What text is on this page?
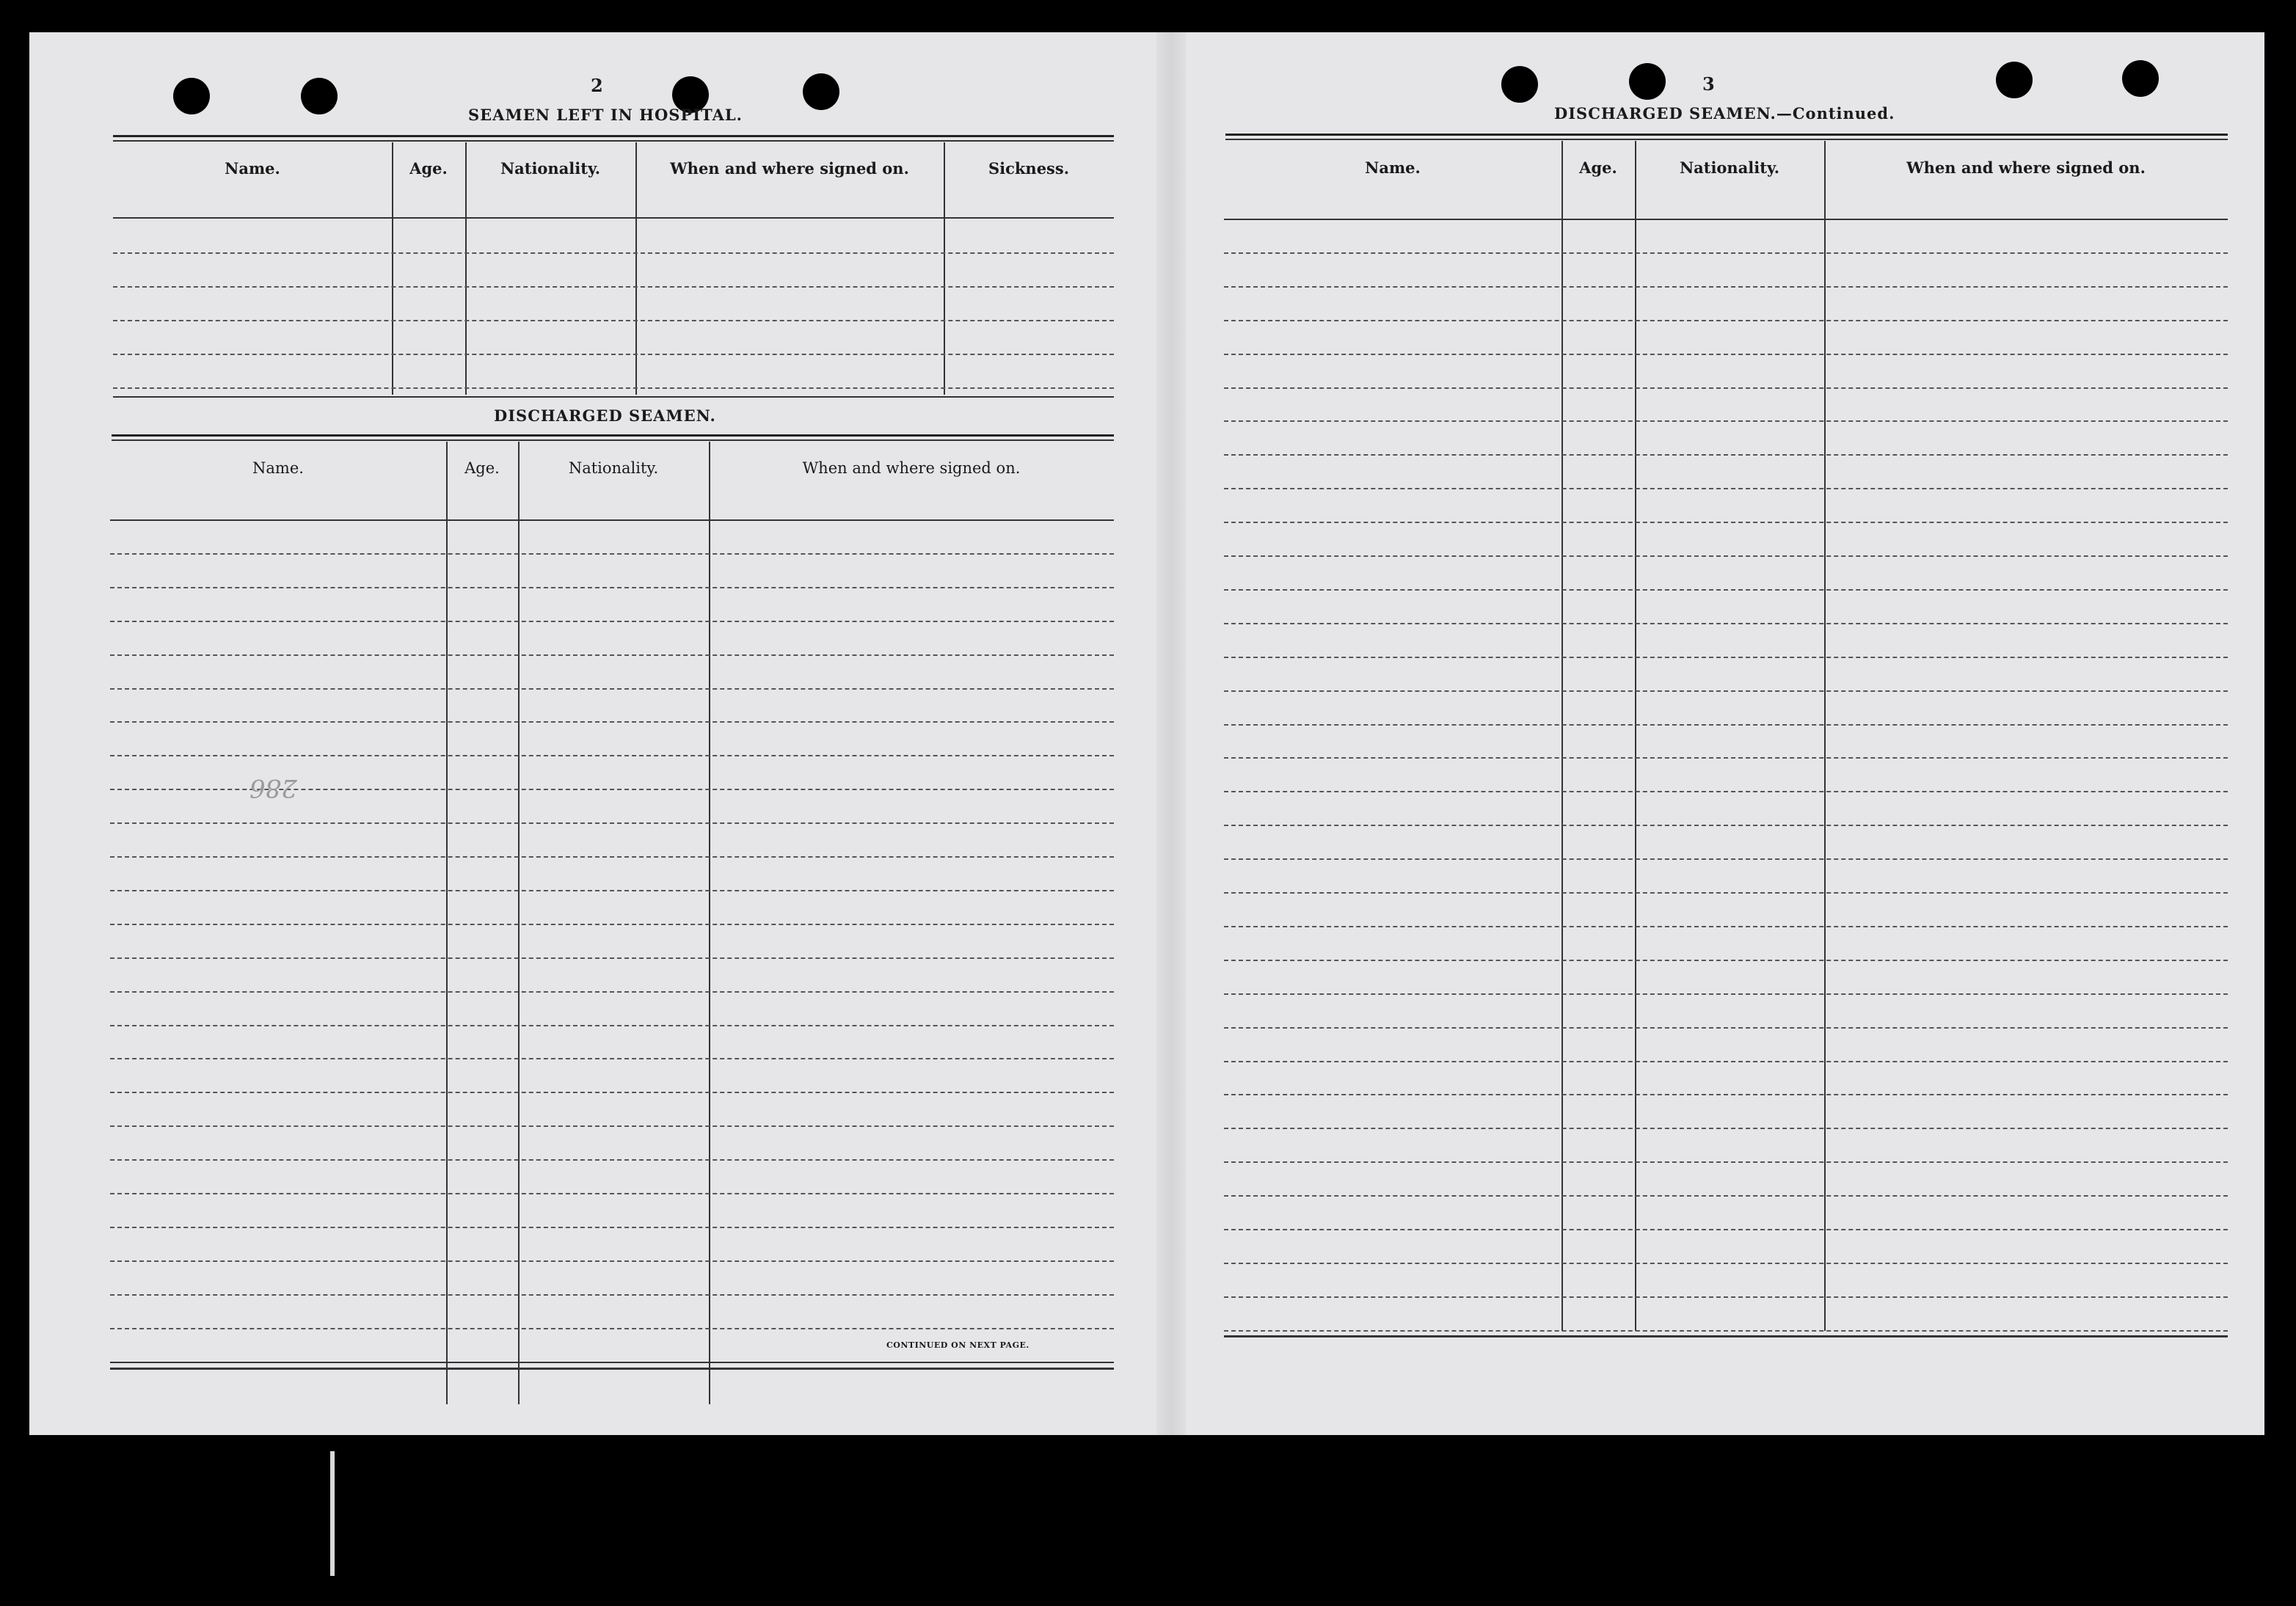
2
SEAMEN LEFT IN HOSPITAL.
Name.	Age.	Nationality.	When and where signed on.	Sickness.
DISCHARGED SEAMEN.
Name.	Age.	Nationality.	When and where signed on.
CONTINUED ON NEXT PAGE.
286
3
DISCHARGED SEAMEN.—Continued.
Name.	Age.	Nationality.	When and where signed on.
